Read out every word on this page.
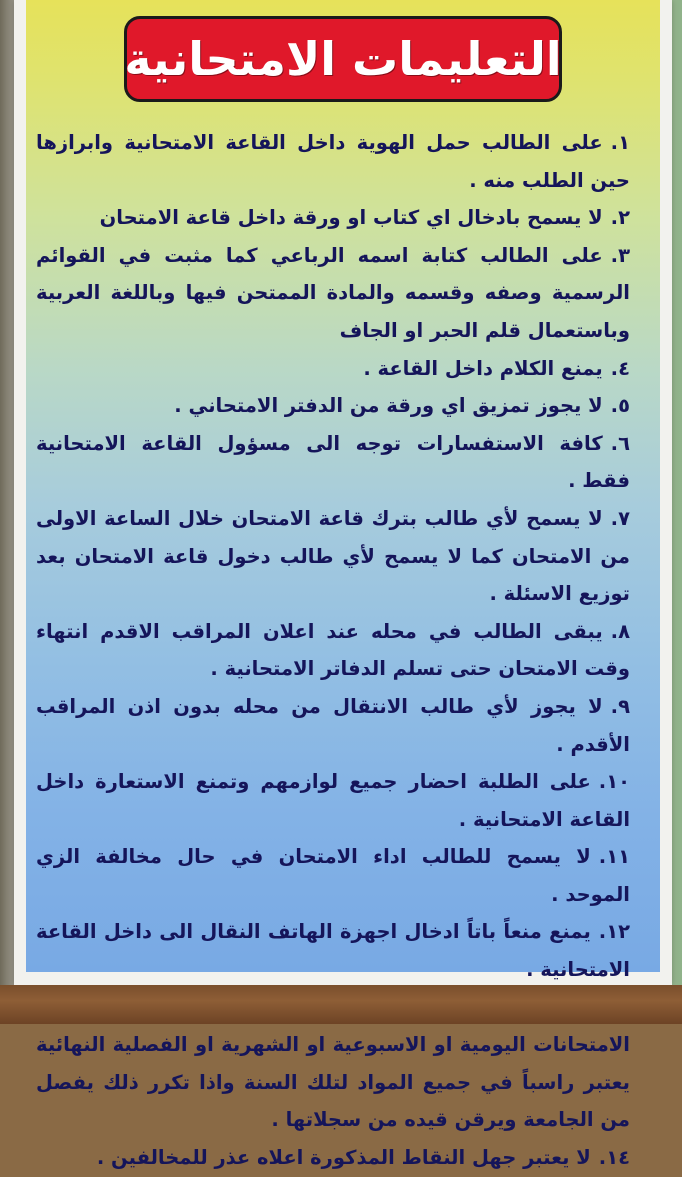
التعليمات الامتحانية

١.على الطالب حمل الهوية داخل القاعة الامتحانية وابرازها حين الطلب منه .

٢.لا يسمح بادخال اي كتاب او ورقة داخل قاعة الامتحان

٣.على الطالب كتابة اسمه الرباعي كما مثبت في القوائم الرسمية وصفه وقسمه والمادة الممتحن فيها وباللغة العربية وباستعمال قلم الحبر او الجاف

٤.يمنع الكلام داخل القاعة .

٥.لا يجوز تمزيق اي ورقة من الدفتر الامتحاني .

٦.كافة الاستفسارات توجه الى مسؤول القاعة الامتحانية فقط .

٧.لا يسمح لأي طالب بترك قاعة الامتحان خلال الساعة الاولى من الامتحان كما لا يسمح لأي طالب دخول قاعة الامتحان بعد توزيع الاسئلة .

٨.يبقى الطالب في محله عند اعلان المراقب الاقدم انتهاء وقت الامتحان حتى تسلم الدفاتر الامتحانية .

٩.لا يجوز لأي طالب الانتقال من محله بدون اذن المراقب الأقدم .

١٠.على الطلبة احضار جميع لوازمهم وتمنع الاستعارة داخل القاعة الامتحانية .

١١.لا يسمح للطالب اداء الامتحان في حال مخالفة الزي الموحد .

١٢.يمنع منعاً باتاً ادخال اجهزة الهاتف النقال الى داخل القاعة الامتحانية .

الامتحانات اليومية او الاسبوعية او الشهرية او الفصلية النهائية يعتبر راسباً في جميع المواد لتلك السنة واذا تكرر ذلك يفصل من الجامعة ويرقن قيده من سجلاتها .

١٤.لا يعتبر جهل النقاط المذكورة اعلاه عذر للمخالفين .
